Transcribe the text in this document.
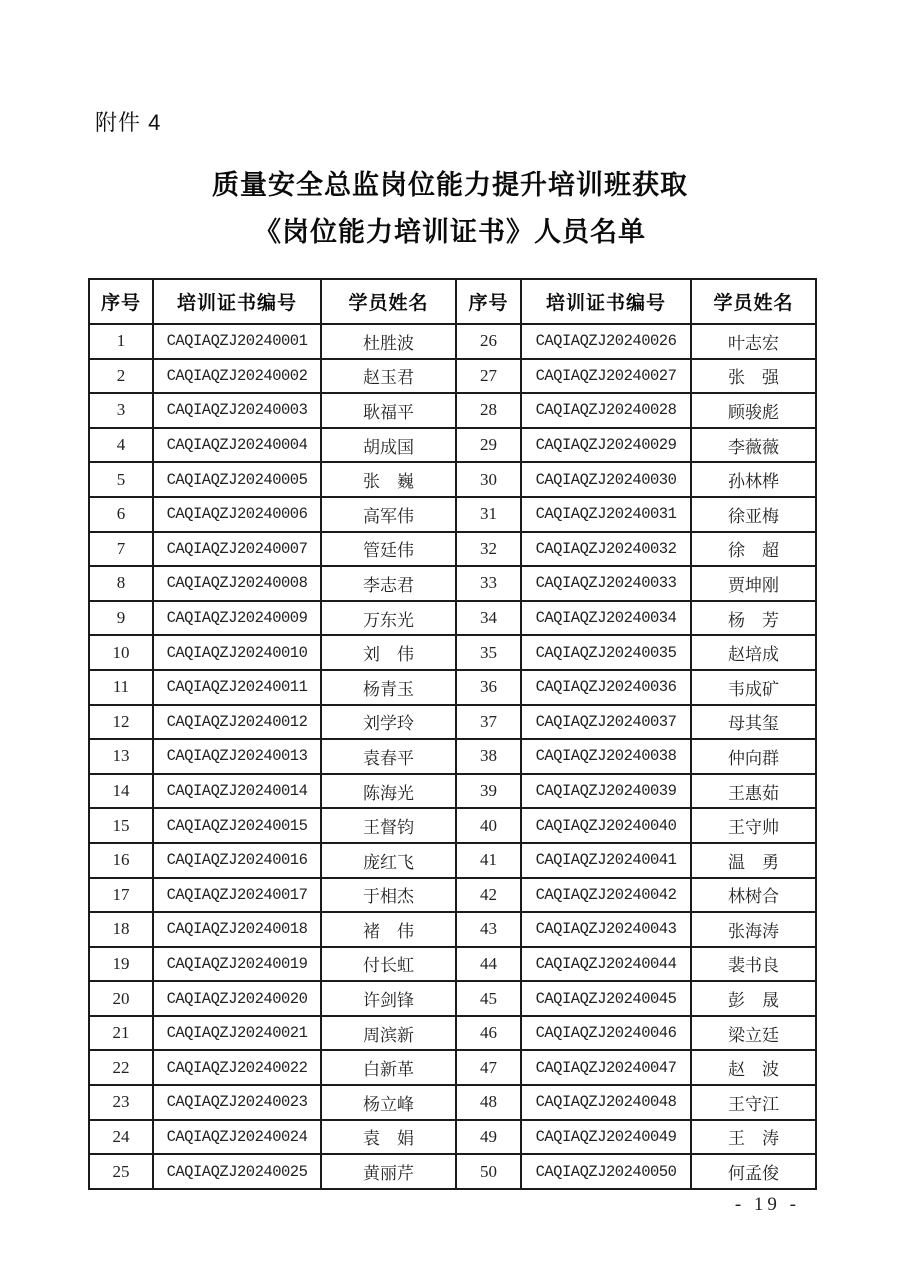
附件 4
质量安全总监岗位能力提升培训班获取
《岗位能力培训证书》人员名单
序号	培训证书编号	学员姓名	序号	培训证书编号	学员姓名
1	CAQIAQZJ20240001	杜胜波	26	CAQIAQZJ20240026	叶志宏
2	CAQIAQZJ20240002	赵玉君	27	CAQIAQZJ20240027	张　强
3	CAQIAQZJ20240003	耿福平	28	CAQIAQZJ20240028	顾骏彪
4	CAQIAQZJ20240004	胡成国	29	CAQIAQZJ20240029	李薇薇
5	CAQIAQZJ20240005	张　巍	30	CAQIAQZJ20240030	孙林桦
6	CAQIAQZJ20240006	高军伟	31	CAQIAQZJ20240031	徐亚梅
7	CAQIAQZJ20240007	管廷伟	32	CAQIAQZJ20240032	徐　超
8	CAQIAQZJ20240008	李志君	33	CAQIAQZJ20240033	贾坤刚
9	CAQIAQZJ20240009	万东光	34	CAQIAQZJ20240034	杨　芳
10	CAQIAQZJ20240010	刘　伟	35	CAQIAQZJ20240035	赵培成
11	CAQIAQZJ20240011	杨青玉	36	CAQIAQZJ20240036	韦成矿
12	CAQIAQZJ20240012	刘学玲	37	CAQIAQZJ20240037	母其玺
13	CAQIAQZJ20240013	袁春平	38	CAQIAQZJ20240038	仲向群
14	CAQIAQZJ20240014	陈海光	39	CAQIAQZJ20240039	王惠茹
15	CAQIAQZJ20240015	王督钧	40	CAQIAQZJ20240040	王守帅
16	CAQIAQZJ20240016	庞红飞	41	CAQIAQZJ20240041	温　勇
17	CAQIAQZJ20240017	于相杰	42	CAQIAQZJ20240042	林树合
18	CAQIAQZJ20240018	褚　伟	43	CAQIAQZJ20240043	张海涛
19	CAQIAQZJ20240019	付长虹	44	CAQIAQZJ20240044	裴书良
20	CAQIAQZJ20240020	许剑锋	45	CAQIAQZJ20240045	彭　晟
21	CAQIAQZJ20240021	周滨新	46	CAQIAQZJ20240046	梁立廷
22	CAQIAQZJ20240022	白新革	47	CAQIAQZJ20240047	赵　波
23	CAQIAQZJ20240023	杨立峰	48	CAQIAQZJ20240048	王守江
24	CAQIAQZJ20240024	袁　娟	49	CAQIAQZJ20240049	王　涛
25	CAQIAQZJ20240025	黄丽芹	50	CAQIAQZJ20240050	何孟俊
- 19 -
